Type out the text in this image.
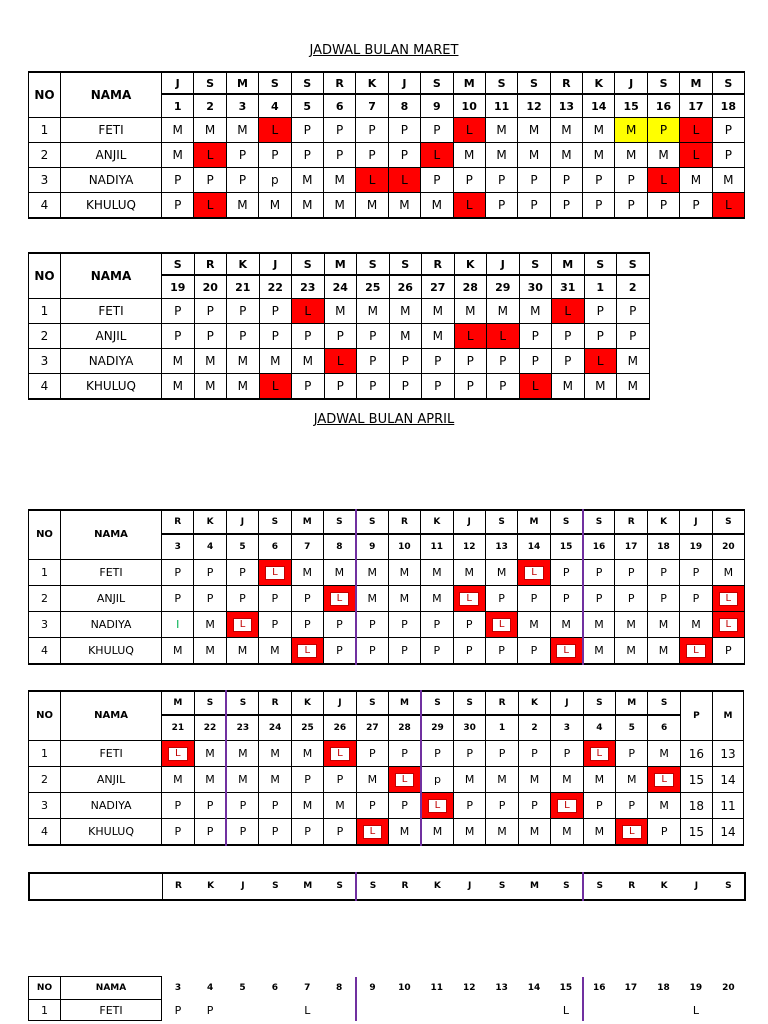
JADWAL BULAN MARET
NO	NAMA	J	S	M	S	S	R	K	J	S	M	S	S	R	K	J	S	M	S
		1	2	3	4	5	6	7	8	9	10	11	12	13	14	15	16	17	18
1	FETI	M	M	M	L	P	P	P	P	P	L	M	M	M	M	M	P	L	P
2	ANJIL	M	L	P	P	P	P	P	P	L	M	M	M	M	M	M	M	L	P
3	NADIYA	P	P	P	p	M	M	L	L	P	P	P	P	P	P	P	L	M	M
4	KHULUQ	P	L	M	M	M	M	M	M	M	L	P	P	P	P	P	P	P	L
NO	NAMA	S	R	K	J	S	M	S	S	R	K	J	S	M	S	S
		19	20	21	22	23	24	25	26	27	28	29	30	31	1	2
1	FETI	P	P	P	P	L	M	M	M	M	M	M	M	L	P	P
2	ANJIL	P	P	P	P	P	P	P	M	M	L	L	P	P	P	P
3	NADIYA	M	M	M	M	M	L	P	P	P	P	P	P	P	L	M
4	KHULUQ	M	M	M	L	P	P	P	P	P	P	P	L	M	M	M
JADWAL BULAN APRIL
NO	NAMA	R	K	J	S	M	S	S	R	K	J	S	M	S	S	R	K	J	S
		3	4	5	6	7	8	9	10	11	12	13	14	15	16	17	18	19	20
1	FETI	P	P	P	L	M	M	M	M	M	M	M	L	P	P	P	P	P	M
2	ANJIL	P	P	P	P	P	L	M	M	M	L	P	P	P	P	P	P	P	L
3	NADIYA	I	M	L	P	P	P	P	P	P	P	L	M	M	M	M	M	M	L
4	KHULUQ	M	M	M	M	L	P	P	P	P	P	P	P	L	M	M	M	L	P
NO	NAMA	M	S	S	R	K	J	S	M	S	S	R	K	J	S	M	S	P	M
		21	22	23	24	25	26	27	28	29	30	1	2	3	4	5	6		
1	FETI	L	M	M	M	M	L	P	P	P	P	P	P	P	L	P	M	16	13
2	ANJIL	M	M	M	M	P	P	M	L	p	M	M	M	M	M	M	L	15	14
3	NADIYA	P	P	P	P	M	M	P	P	L	P	P	P	L	P	P	M	18	11
4	KHULUQ	P	P	P	P	P	P	L	M	M	M	M	M	M	M	L	P	15	14
	R	K	J	S	M	S	S	R	K	J	S	M	S	S	R	K	J	S
NO	NAMA	3	4	5	6	7	8	9	10	11	12	13	14	15	16	17	18	19	20
1	FETI	P	P			L								L				L	
